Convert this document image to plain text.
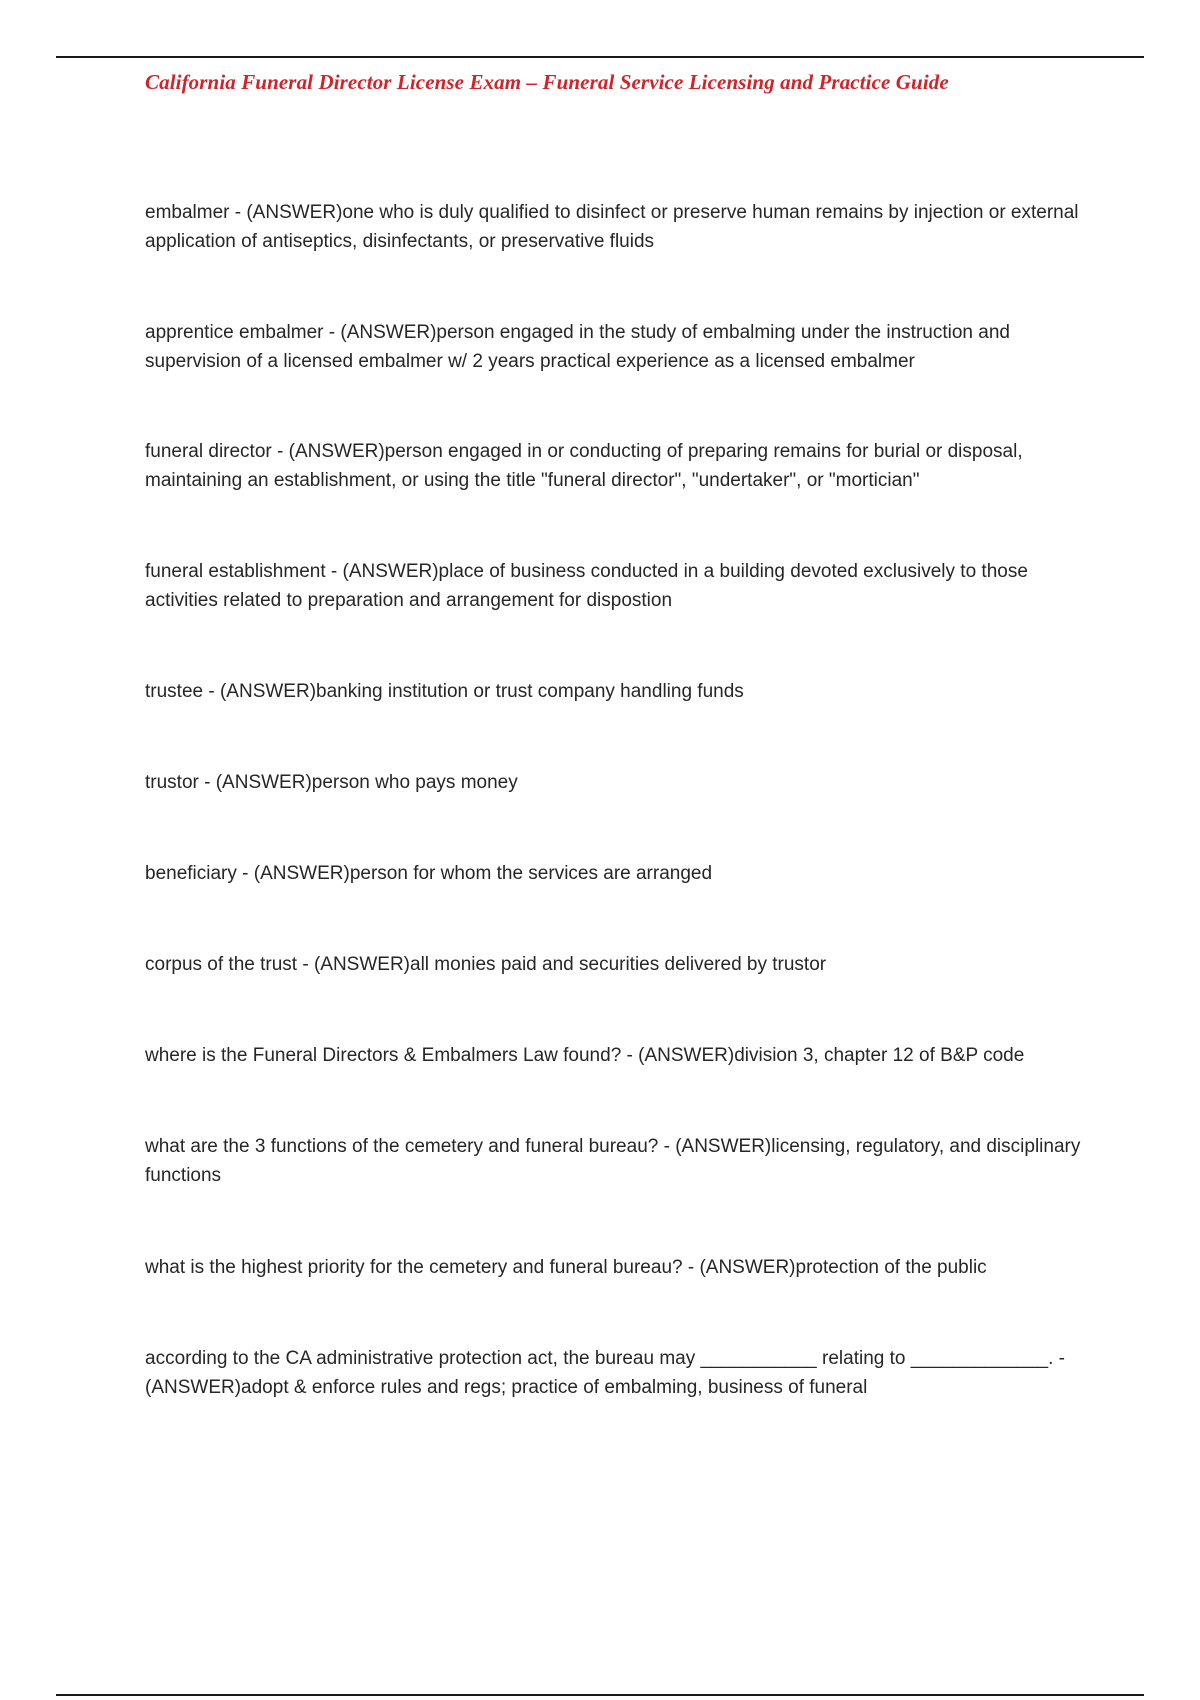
California Funeral Director License Exam – Funeral Service Licensing and Practice Guide
embalmer - (ANSWER)one who is duly qualified to disinfect or preserve human remains by injection or external application of antiseptics, disinfectants, or preservative fluids
apprentice embalmer - (ANSWER)person engaged in the study of embalming under the instruction and supervision of a licensed embalmer w/ 2 years practical experience as a licensed embalmer
funeral director - (ANSWER)person engaged in or conducting of preparing remains for burial or disposal, maintaining an establishment, or using the title "funeral director", "undertaker", or "mortician"
funeral establishment - (ANSWER)place of business conducted in a building devoted exclusively to those activities related to preparation and arrangement for dispostion
trustee - (ANSWER)banking institution or trust company handling funds
trustor - (ANSWER)person who pays money
beneficiary - (ANSWER)person for whom the services are arranged
corpus of the trust - (ANSWER)all monies paid and securities delivered by trustor
where is the Funeral Directors & Embalmers Law found? - (ANSWER)division 3, chapter 12 of B&P code
what are the 3 functions of the cemetery and funeral bureau? - (ANSWER)licensing, regulatory, and disciplinary functions
what is the highest priority for the cemetery and funeral bureau? - (ANSWER)protection of the public
according to the CA administrative protection act, the bureau may ___________ relating to _____________. - (ANSWER)adopt & enforce rules and regs; practice of embalming, business of funeral
